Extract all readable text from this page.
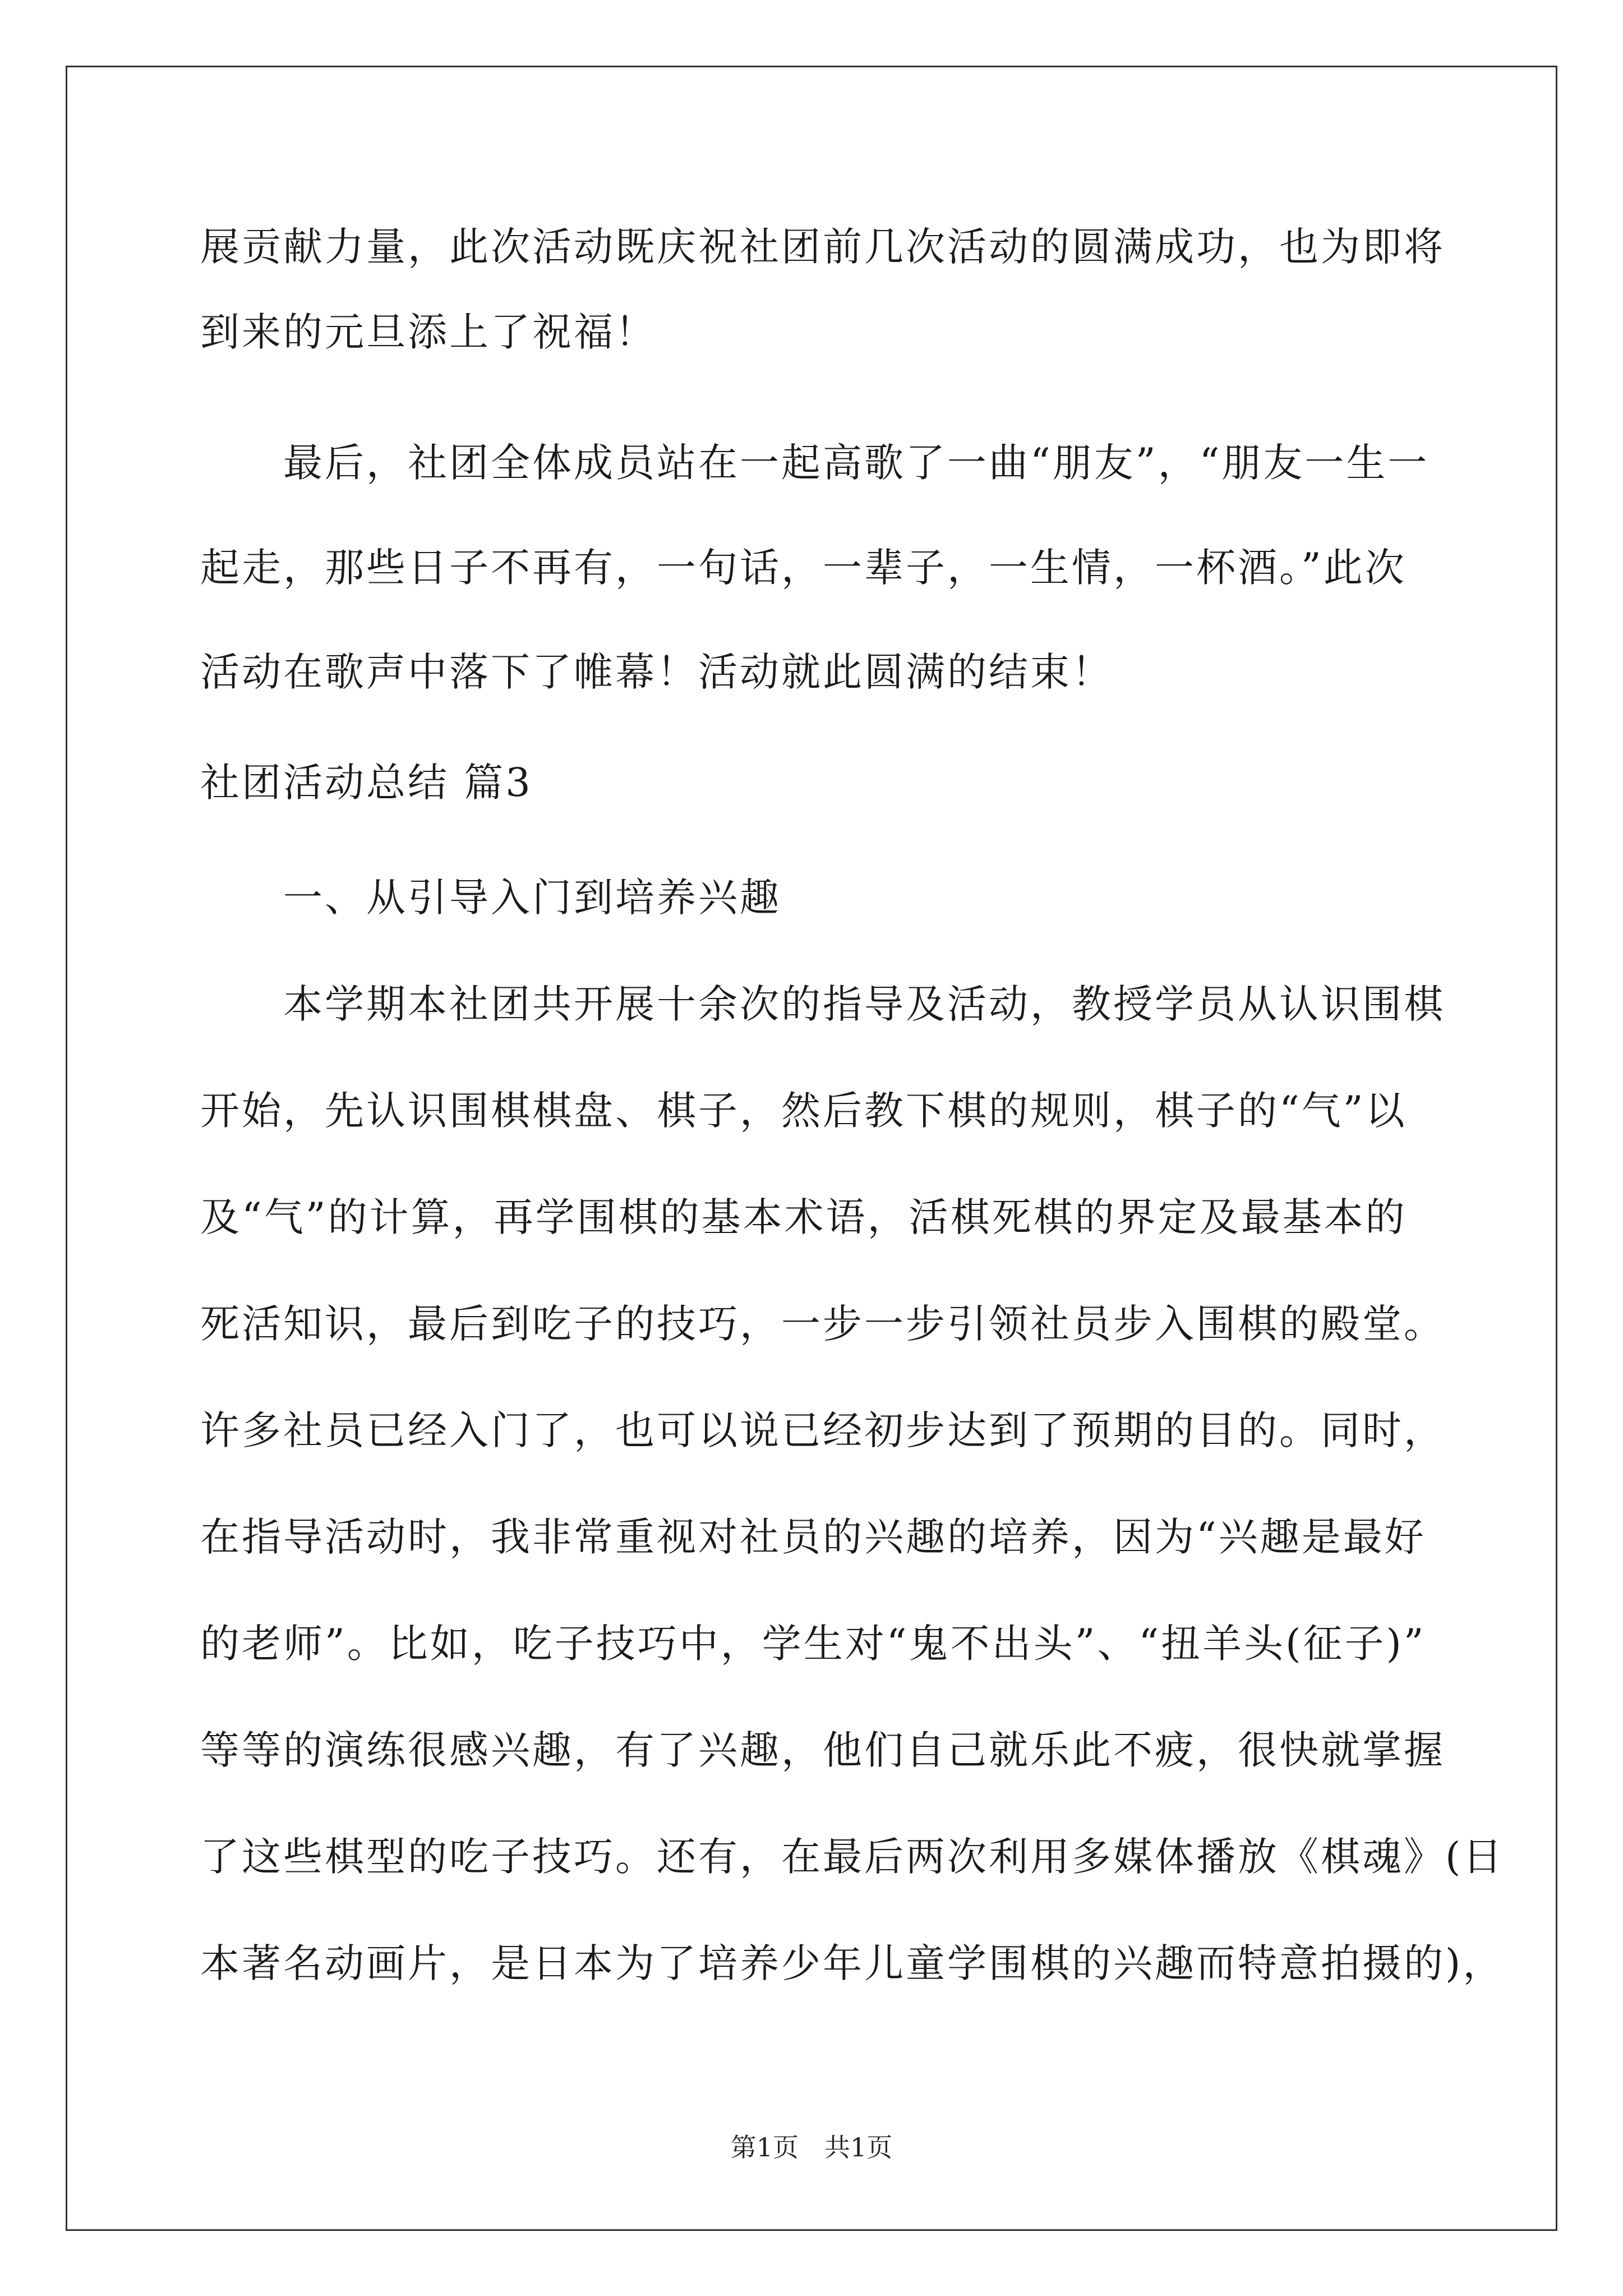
展贡献力量，此次活动既庆祝社团前几次活动的圆满成功，也为即将
到来的元旦添上了祝福！
　　最后，社团全体成员站在一起高歌了一曲“朋友”，“朋友一生一
起走，那些日子不再有，一句话，一辈子，一生情，一杯酒。”此次
活动在歌声中落下了帷幕！活动就此圆满的结束！
社团活动总结 篇3
　　一、从引导入门到培养兴趣
　　本学期本社团共开展十余次的指导及活动，教授学员从认识围棋
开始，先认识围棋棋盘、棋子，然后教下棋的规则，棋子的“气”以
及“气”的计算，再学围棋的基本术语，活棋死棋的界定及最基本的
死活知识，最后到吃子的技巧，一步一步引领社员步入围棋的殿堂。
许多社员已经入门了，也可以说已经初步达到了预期的目的。同时，
在指导活动时，我非常重视对社员的兴趣的培养，因为“兴趣是最好
的老师”。比如，吃子技巧中，学生对“鬼不出头”、“扭羊头(征子)”
等等的演练很感兴趣，有了兴趣，他们自己就乐此不疲，很快就掌握
了这些棋型的吃子技巧。还有，在最后两次利用多媒体播放《棋魂》(日
本著名动画片，是日本为了培养少年儿童学围棋的兴趣而特意拍摄的)，
第1页　共1页
